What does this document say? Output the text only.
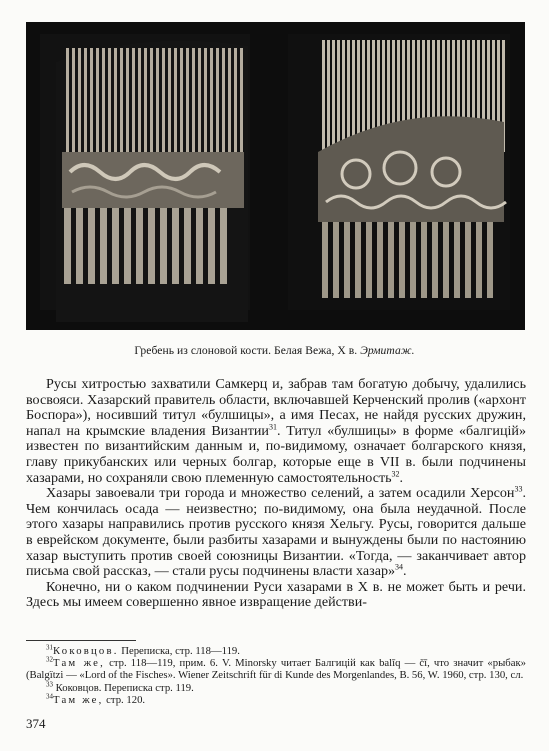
Гребень из слоновой кости. Белая Вежа, X в. Эрмитаж.

Русы хитростью захватили Самкерц и, забрав там богатую добычу, удалились восвояси. Хазарский правитель области, включавшей Керченский пролив («архонт Боспора»), носивший титул «булшицы», а имя Песах, не найдя русских дружин, напал на крымские владения Византии$^{31}$. Титул «булшицы» в форме «балгицій» известен по византийским данным и, по-видимому, означает болгарского князя, главу прикубанских или черных болгар, которые еще в VII в. были подчинены хазарами, но сохраняли свою племенную самостоятельность$^{32}$.

Хазары завоевали три города и множество селений, а затем осадили Херсон$^{33}$. Чем кончилась осада — неизвестно; по-видимому, она была неудачной. После этого хазары направились против русского князя Хельгу. Русы, говорится дальше в еврейском документе, были разбиты хазарами и вынуждены были по настоянию хазар выступить против своей союзницы Византии. «Тогда, — заканчивает автор письма свой рассказ, — стали русы подчинены власти хазар»$^{34}$.

Конечно, ни о каком подчинении Руси хазарами в X в. не может быть и речи. Здесь мы имеем совершенно явное извращение действи-

$^{31}$Коковцов. Переписка, стр. 118—119.

$^{32}$Там же, стр. 118—119, прим. 6. V. Minorsky читает Балгицій как balīq — čī, что значит «рыбак» (Balgïtzi — «Lord of the Fisches». Wiener Zeitschrift für di Kunde des Morgenlandes, B. 56, W. 1960, стр. 130, сл.

$^{33}$ Коковцов. Переписка стр. 119.

$^{34}$Там же, стр. 120.

374
